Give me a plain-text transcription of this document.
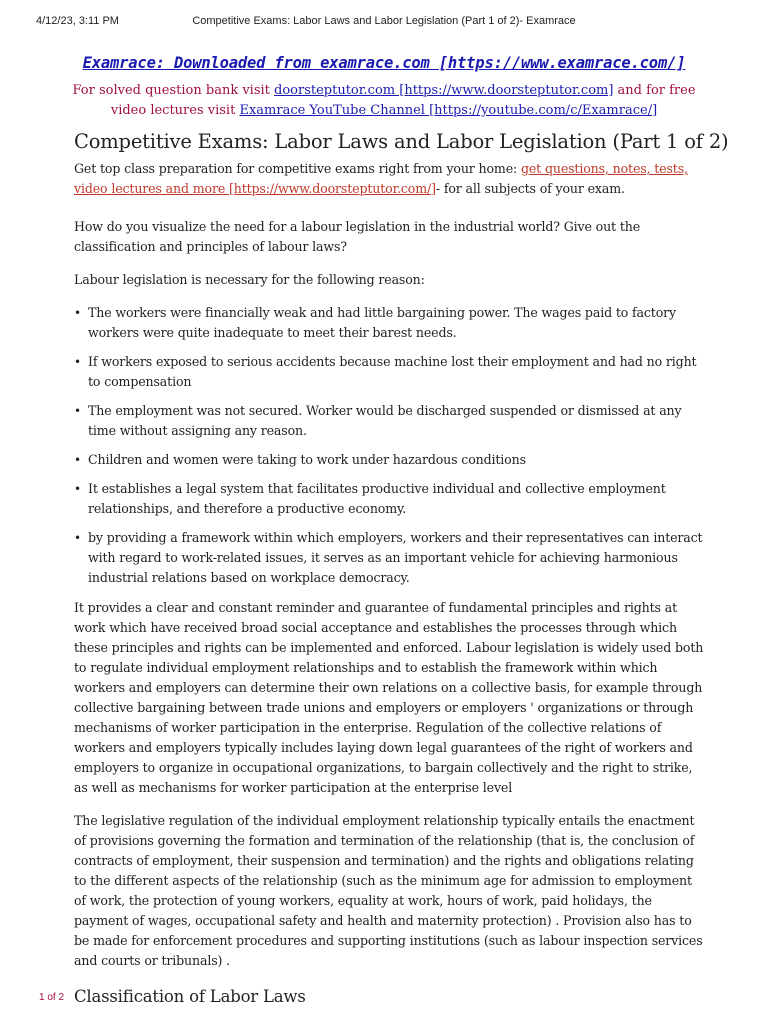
4/12/23, 3:11 PM	Competitive Exams: Labor Laws and Labor Legislation (Part 1 of 2)- Examrace
Examrace: Downloaded from examrace.com [https://www.examrace.com/]
For solved question bank visit doorsteptutor.com [https://www.doorsteptutor.com] and for free video lectures visit Examrace YouTube Channel [https://youtube.com/c/Examrace/]
Competitive Exams: Labor Laws and Labor Legislation (Part 1 of 2)

Get top class preparation for competitive exams right from your home: get questions, notes, tests, video lectures and more [https://www.doorsteptutor.com/]- for all subjects of your exam.

How do you visualize the need for a labour legislation in the industrial world? Give out the classification and principles of labour laws?

Labour legislation is necessary for the following reason:

• The workers were financially weak and had little bargaining power. The wages paid to factory workers were quite inadequate to meet their barest needs.
• If workers exposed to serious accidents because machine lost their employment and had no right to compensation
• The employment was not secured. Worker would be discharged suspended or dismissed at any time without assigning any reason.
• Children and women were taking to work under hazardous conditions
• It establishes a legal system that facilitates productive individual and collective employment relationships, and therefore a productive economy.
• by providing a framework within which employers, workers and their representatives can interact with regard to work-related issues, it serves as an important vehicle for achieving harmonious industrial relations based on workplace democracy.

It provides a clear and constant reminder and guarantee of fundamental principles and rights at work which have received broad social acceptance and establishes the processes through which these principles and rights can be implemented and enforced. Labour legislation is widely used both to regulate individual employment relationships and to establish the framework within which workers and employers can determine their own relations on a collective basis, for example through collective bargaining between trade unions and employers or employers ' organizations or through mechanisms of worker participation in the enterprise. Regulation of the collective relations of workers and employers typically includes laying down legal guarantees of the right of workers and employers to organize in occupational organizations, to bargain collectively and the right to strike, as well as mechanisms for worker participation at the enterprise level

The legislative regulation of the individual employment relationship typically entails the enactment of provisions governing the formation and termination of the relationship (that is, the conclusion of contracts of employment, their suspension and termination) and the rights and obligations relating to the different aspects of the relationship (such as the minimum age for admission to employment of work, the protection of young workers, equality at work, hours of work, paid holidays, the payment of wages, occupational safety and health and maternity protection) . Provision also has to be made for enforcement procedures and supporting institutions (such as labour inspection services and courts or tribunals) .

Classification of Labor Laws
1 of 2
